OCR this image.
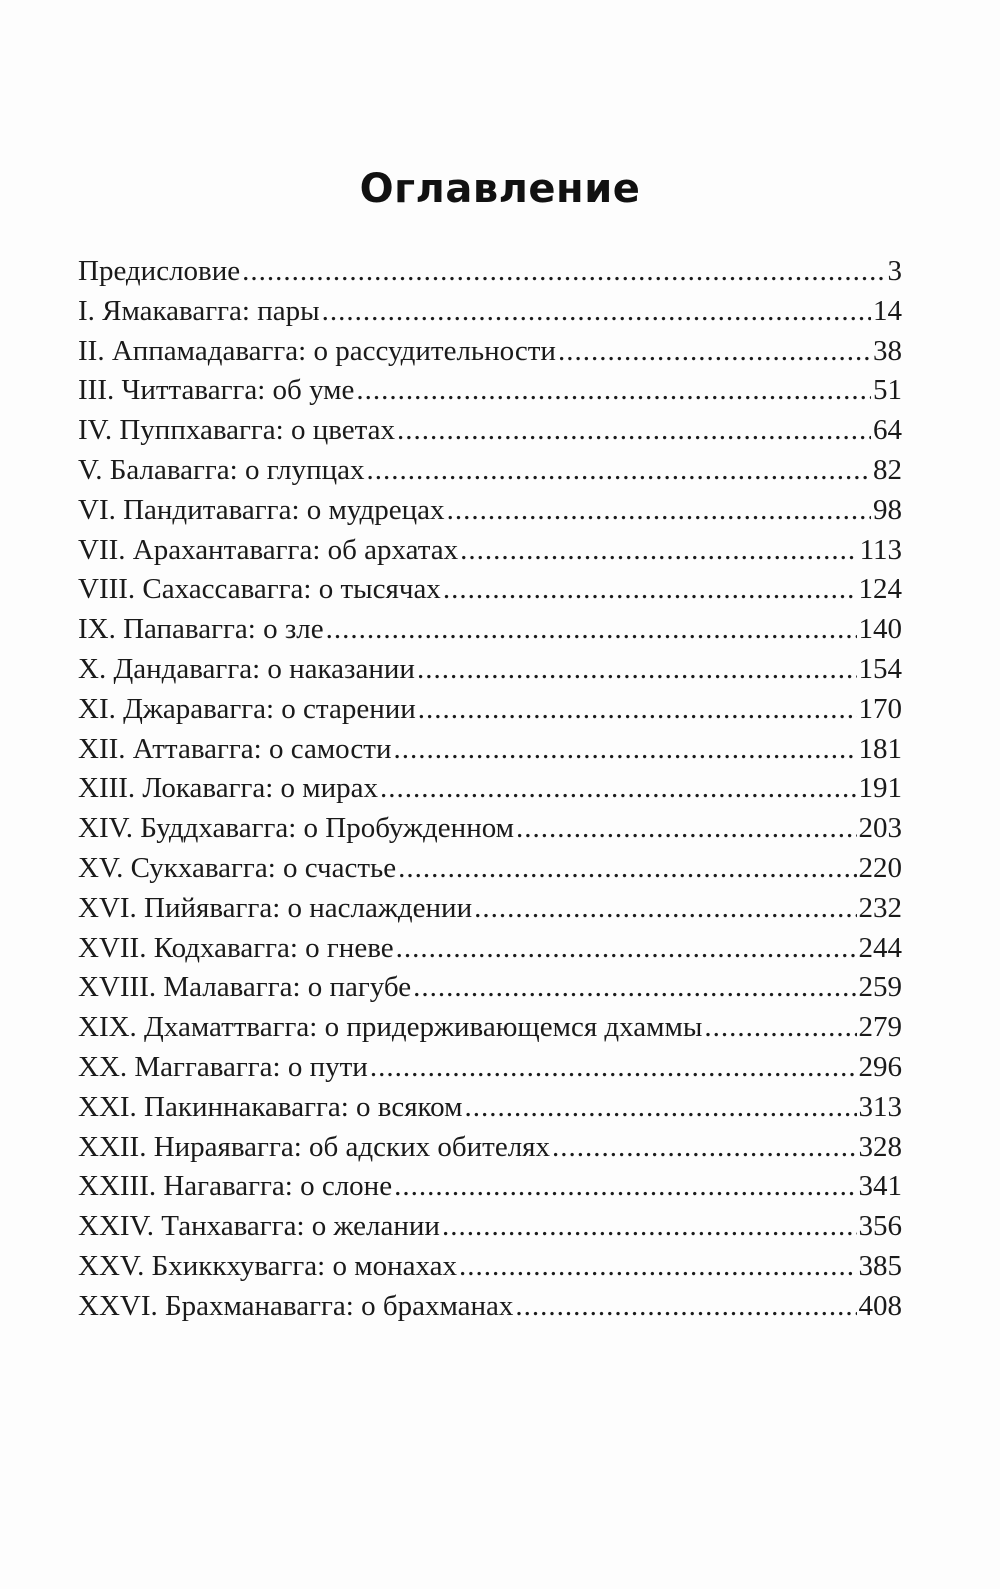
Оглавление
Предисловие .....	3
I. Ямакавагга: пары .....	14
II. Аппамадавагга: о рассудительности .....	38
III. Читтавагга: об уме .....	51
IV. Пуппхавагга: о цветах .....	64
V. Балавагга: о глупцах .....	82
VI. Пандитавагга: о мудрецах .....	98
VII. Арахантавагга: об архатах .....	113
VIII. Сахассавагга: о тысячах .....	124
IX. Папавагга: о зле .....	140
X. Дандавагга: о наказании .....	154
XI. Джаравагга: о старении .....	170
XII. Аттавагга: о самости .....	181
XIII. Локавагга: о мирах .....	191
XIV. Буддхавагга: о Пробужденном .....	203
XV. Сукхавагга: о счастье .....	220
XVI. Пийявагга: о наслаждении .....	232
XVII. Кодхавагга: о гневе .....	244
XVIII. Малавагга: о пагубе .....	259
XIX. Дхаматтвагга: о придерживающемся дхаммы .....	279
XX. Маггавагга: о пути .....	296
XXI. Пакиннакавагга: о всяком .....	313
XXII. Нираявагга: об адских обителях .....	328
XXIII. Нагавагга: о слоне .....	341
XXIV. Танхавагга: о желании .....	356
XXV. Бхиккхувагга: о монахах .....	385
XXVI. Брахманавагга: о брахманах .....	408
